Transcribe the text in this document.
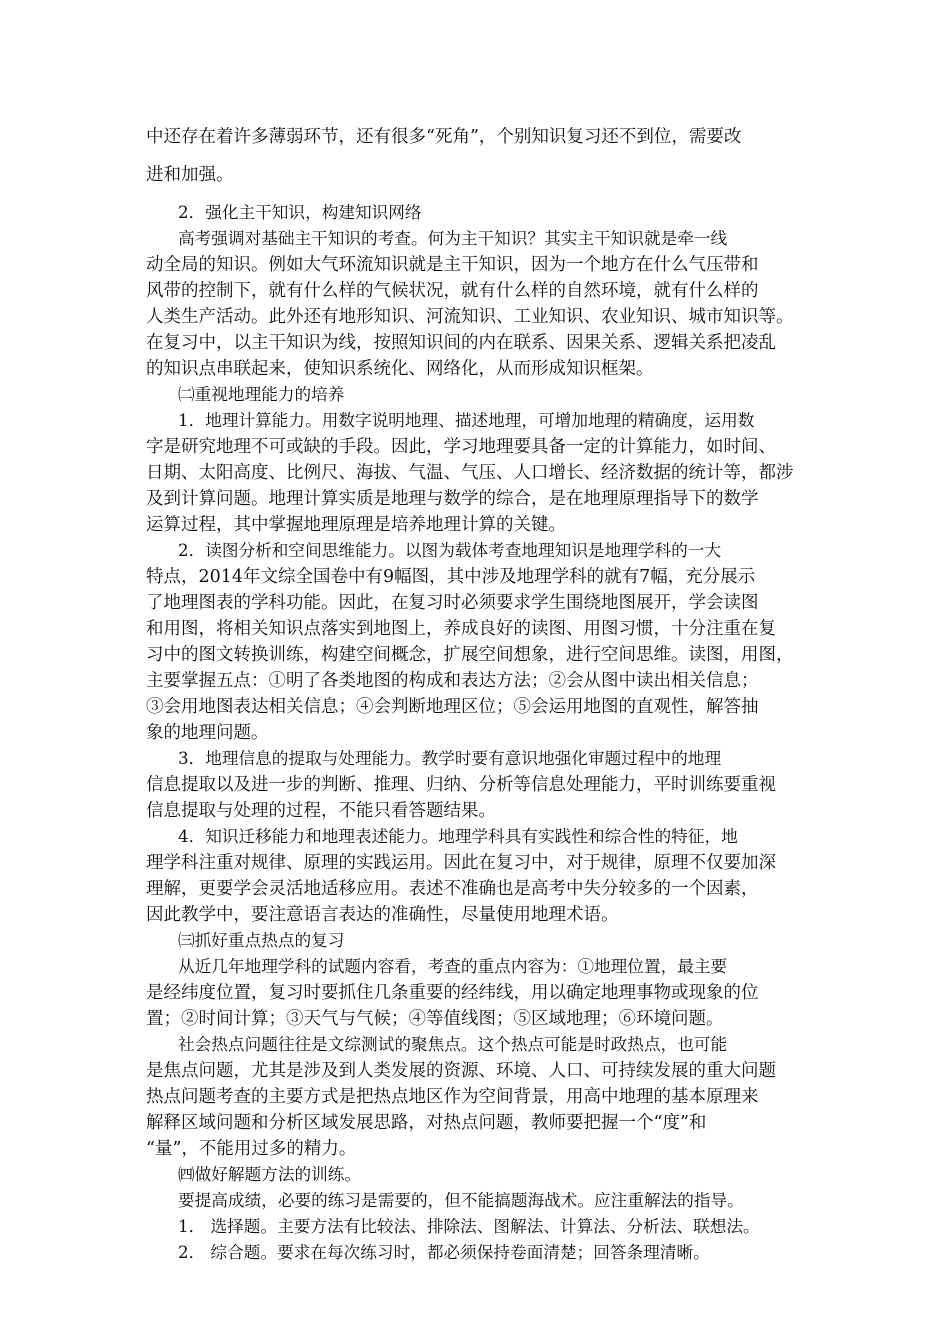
中还存在着许多薄弱环节，还有很多“死角”，个别知识复习还不到位，需要改
进和加强。
2．强化主干知识，构建知识网络
高考强调对基础主干知识的考查。何为主干知识？其实主干知识就是牵一线
动全局的知识。例如大气环流知识就是主干知识，因为一个地方在什么气压带和
风带的控制下，就有什么样的气候状况，就有什么样的自然环境，就有什么样的
人类生产活动。此外还有地形知识、河流知识、工业知识、农业知识、城市知识等。
在复习中，以主干知识为线，按照知识间的内在联系、因果关系、逻辑关系把凌乱
的知识点串联起来，使知识系统化、网络化，从而形成知识框架。
㈡重视地理能力的培养
1．地理计算能力。用数字说明地理、描述地理，可增加地理的精确度，运用数
字是研究地理不可或缺的手段。因此，学习地理要具备一定的计算能力，如时间、
日期、太阳高度、比例尺、海拔、气温、气压、人口增长、经济数据的统计等，都涉
及到计算问题。地理计算实质是地理与数学的综合，是在地理原理指导下的数学
运算过程，其中掌握地理原理是培养地理计算的关键。
2．读图分析和空间思维能力。以图为载体考查地理知识是地理学科的一大
特点，2014年文综全国卷中有9幅图，其中涉及地理学科的就有7幅，充分展示
了地理图表的学科功能。因此，在复习时必须要求学生围绕地图展开，学会读图
和用图，将相关知识点落实到地图上，养成良好的读图、用图习惯，十分注重在复
习中的图文转换训练，构建空间概念，扩展空间想象，进行空间思维。读图，用图，
主要掌握五点：①明了各类地图的构成和表达方法；②会从图中读出相关信息；
③会用地图表达相关信息；④会判断地理区位；⑤会运用地图的直观性，解答抽
象的地理问题。
3．地理信息的提取与处理能力。教学时要有意识地强化审题过程中的地理
信息提取以及进一步的判断、推理、归纳、分析等信息处理能力，平时训练要重视
信息提取与处理的过程，不能只看答题结果。
4．知识迁移能力和地理表述能力。地理学科具有实践性和综合性的特征，地
理学科注重对规律、原理的实践运用。因此在复习中，对于规律，原理不仅要加深
理解，更要学会灵活地适移应用。表述不准确也是高考中失分较多的一个因素，
因此教学中，要注意语言表达的准确性，尽量使用地理术语。
㈢抓好重点热点的复习
从近几年地理学科的试题内容看，考查的重点内容为：①地理位置，最主要
是经纬度位置，复习时要抓住几条重要的经纬线，用以确定地理事物或现象的位
置；②时间计算；③天气与气候；④等值线图；⑤区域地理；⑥环境问题。
社会热点问题往往是文综测试的聚焦点。这个热点可能是时政热点，也可能
是焦点问题，尤其是涉及到人类发展的资源、环境、人口、可持续发展的重大问题
热点问题考查的主要方式是把热点地区作为空间背景，用高中地理的基本原理来
解释区域问题和分析区域发展思路，对热点问题，教师要把握一个“度”和
“量”，不能用过多的精力。
㈣做好解题方法的训练。
要提高成绩，必要的练习是需要的，但不能搞题海战术。应注重解法的指导。
1． 选择题。主要方法有比较法、排除法、图解法、计算法、分析法、联想法。
2． 综合题。要求在每次练习时，都必须保持卷面清楚；回答条理清晰。
